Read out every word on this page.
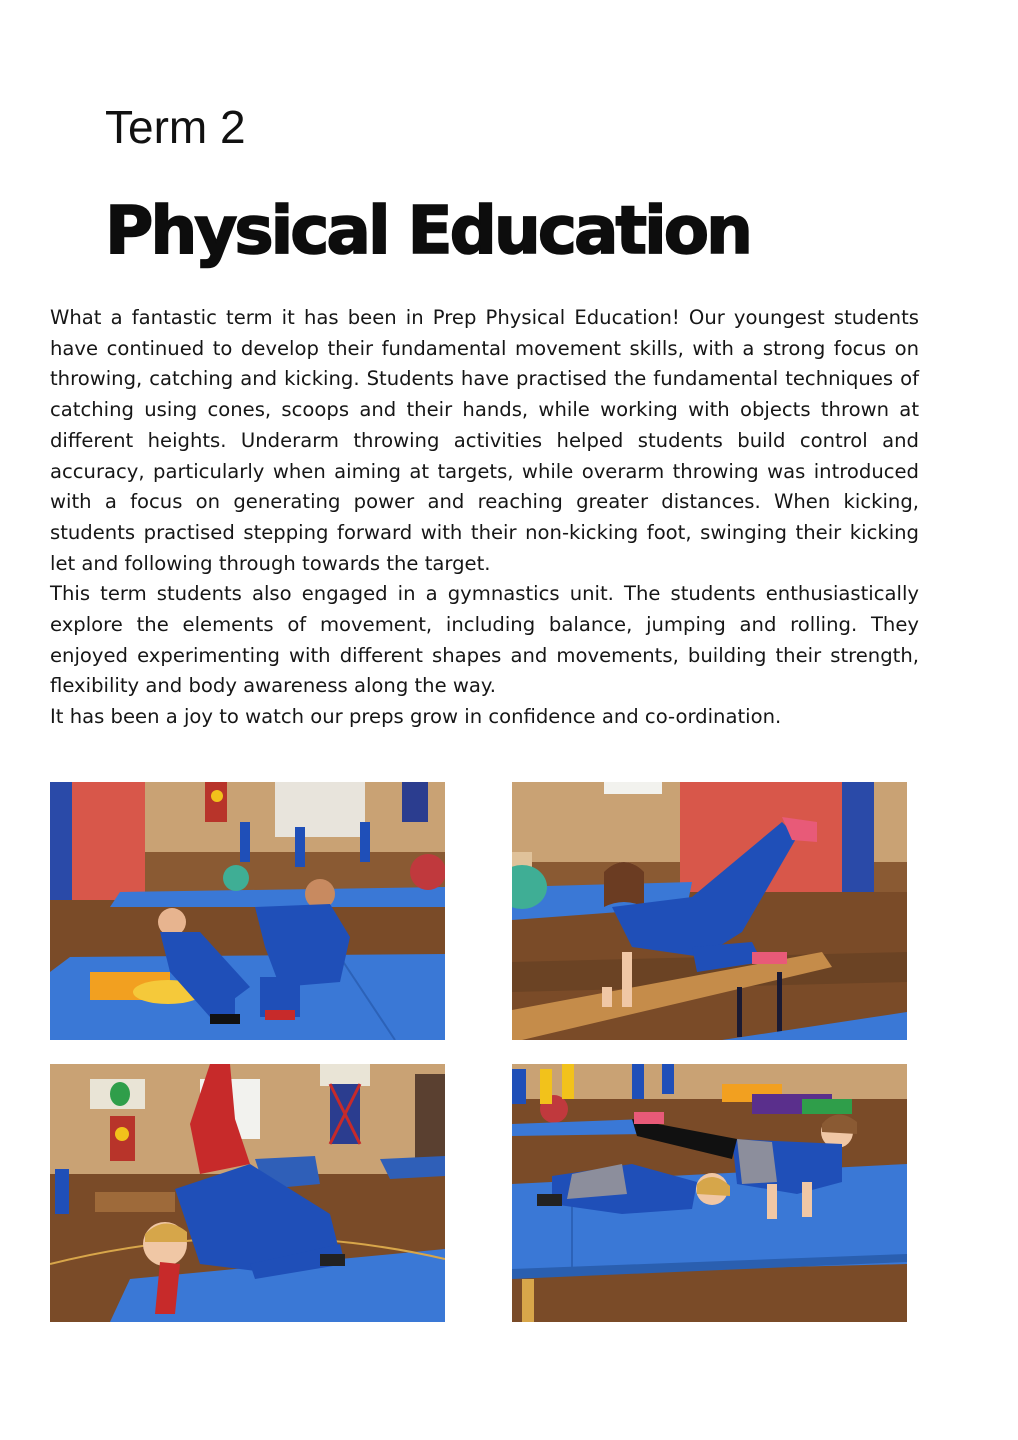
Term 2
Physical Education

What a fantastic term it has been in Prep Physical Education! Our youngest students have continued to develop their fundamental movement skills, with a strong focus on throwing, catching and kicking. Students have practised the fundamental techniques of catching using cones, scoops and their hands, while working with objects thrown at different heights. Underarm throwing activities helped students build control and accuracy, particularly when aiming at targets, while overarm throwing was introduced with a focus on generating power and reaching greater distances. When kicking, students practised stepping forward with their non-kicking foot, swinging their kicking let and following through towards the target.

This term students also engaged in a gymnastics unit. The students enthusiastically explore the elements of movement, including balance, jumping and rolling. They enjoyed experimenting with different shapes and movements, building their strength, flexibility and body awareness along the way.

It has been a joy to watch our preps grow in confidence and co-ordination.
